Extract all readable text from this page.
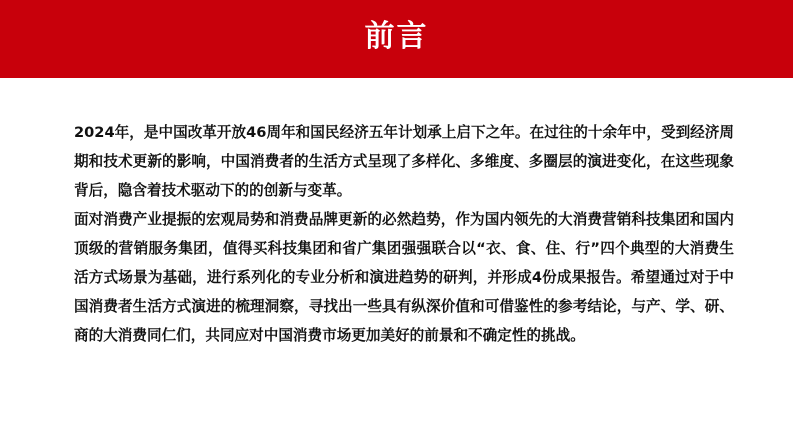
前言

2024年，是中国改革开放46周年和国民经济五年计划承上启下之年。在过往的十余年中，受到经济周期和技术更新的影响，中国消费者的生活方式呈现了多样化、多维度、多圈层的演进变化，在这些现象背后，隐含着技术驱动下的的创新与变革。

面对消费产业提振的宏观局势和消费品牌更新的必然趋势，作为国内领先的大消费营销科技集团和国内顶级的营销服务集团，值得买科技集团和省广集团强强联合以“衣、食、住、行”四个典型的大消费生活方式场景为基础，进行系列化的专业分析和演进趋势的研判，并形成4份成果报告。希望通过对于中国消费者生活方式演进的梳理洞察，寻找出一些具有纵深价值和可借鉴性的参考结论，与产、学、研、商的大消费同仁们，共同应对中国消费市场更加美好的前景和不确定性的挑战。
